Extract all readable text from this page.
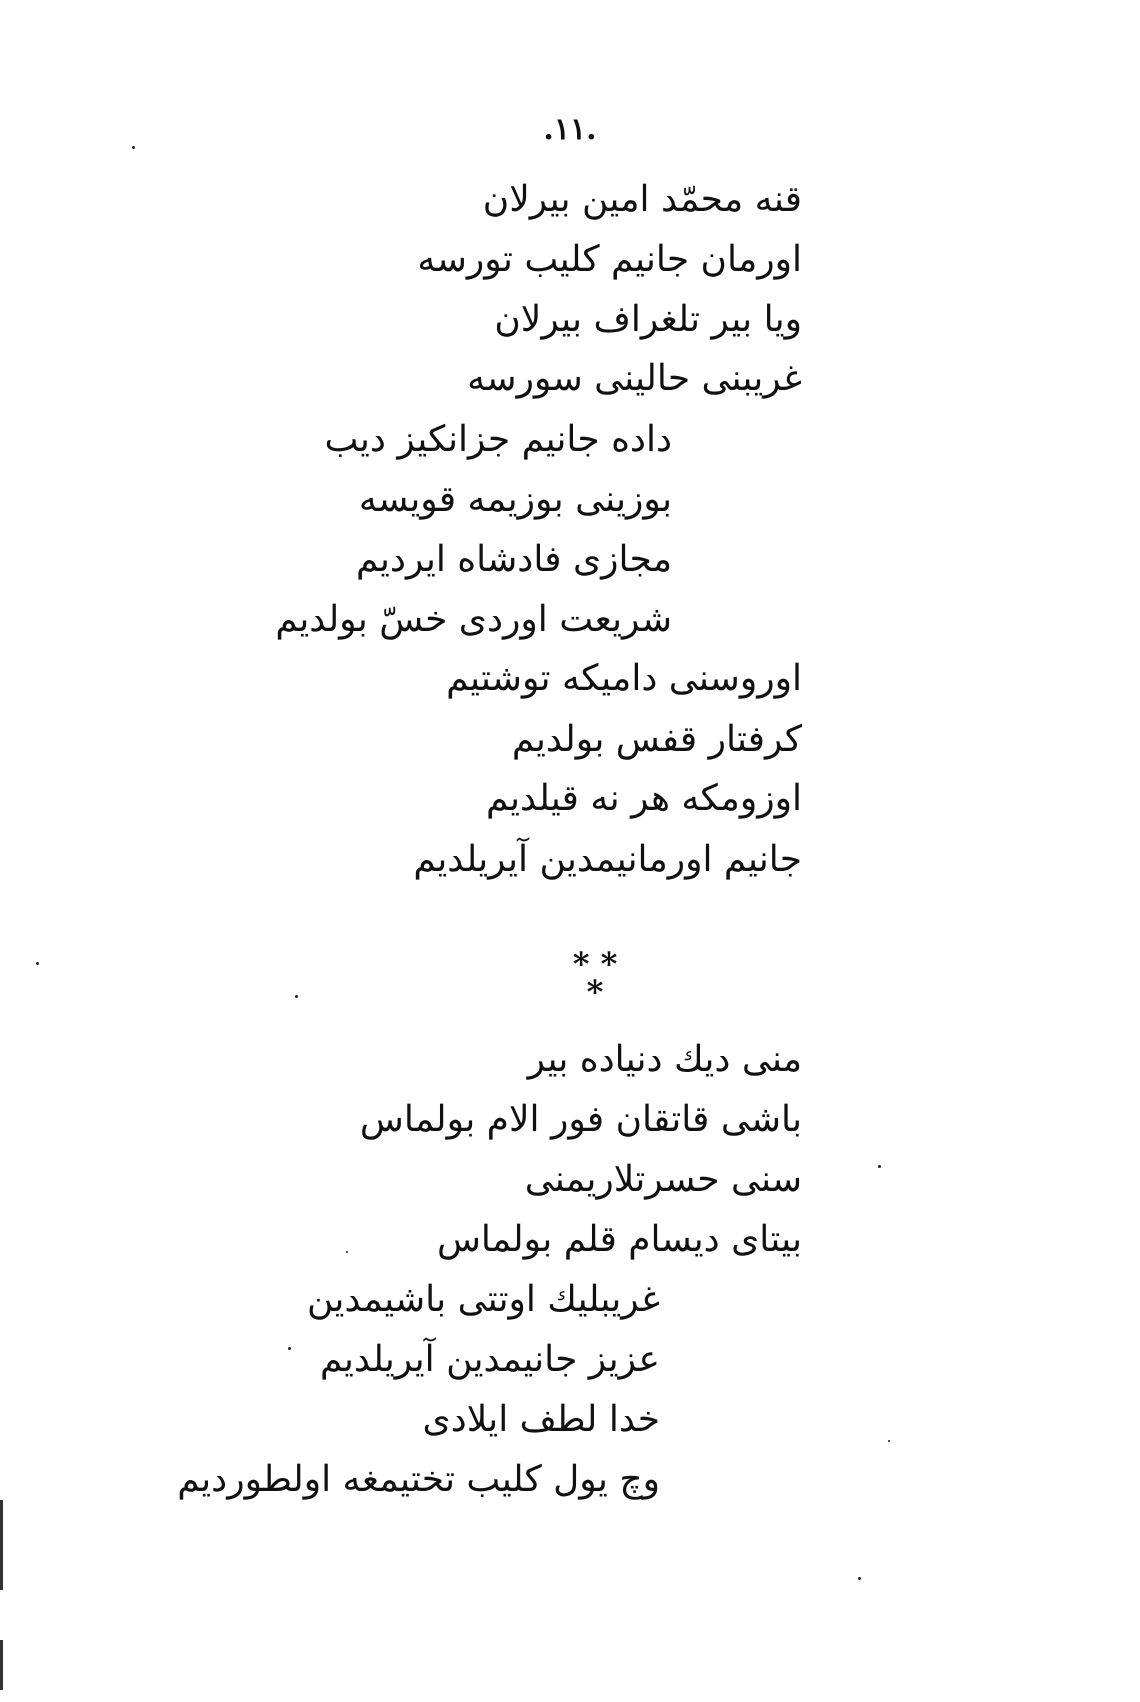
.١١.
قنه محمّد امین بیرلان
اورمان جانیم کلیب تورسه
ویا بیر تلغراف بیرلان
غریبنی حالینی سورسه
داده جانیم جزانکیز دیب
بوزینی بوزیمه قویسه
مجازی فادشاه ایردیم
شریعت اوردی خسّ بولدیم
اوروسنی دامیکه توشتیم
کرفتار قفس بولدیم
اوزومکه هر نه قیلدیم
جانیم اورمانیمدین آیریلدیم
* *
*
منی دیك دنیاده بیر
باشی قاتقان فور الام بولماس
سنی حسرتلاریمنی
بیتای دیسام قلم بولماس
غریبلیك اوتتی باشیمدین
عزیز جانیمدین آیریلدیم
خدا لطف ایلادی
وچ یول کلیب تختیمغه اولطوردیم
